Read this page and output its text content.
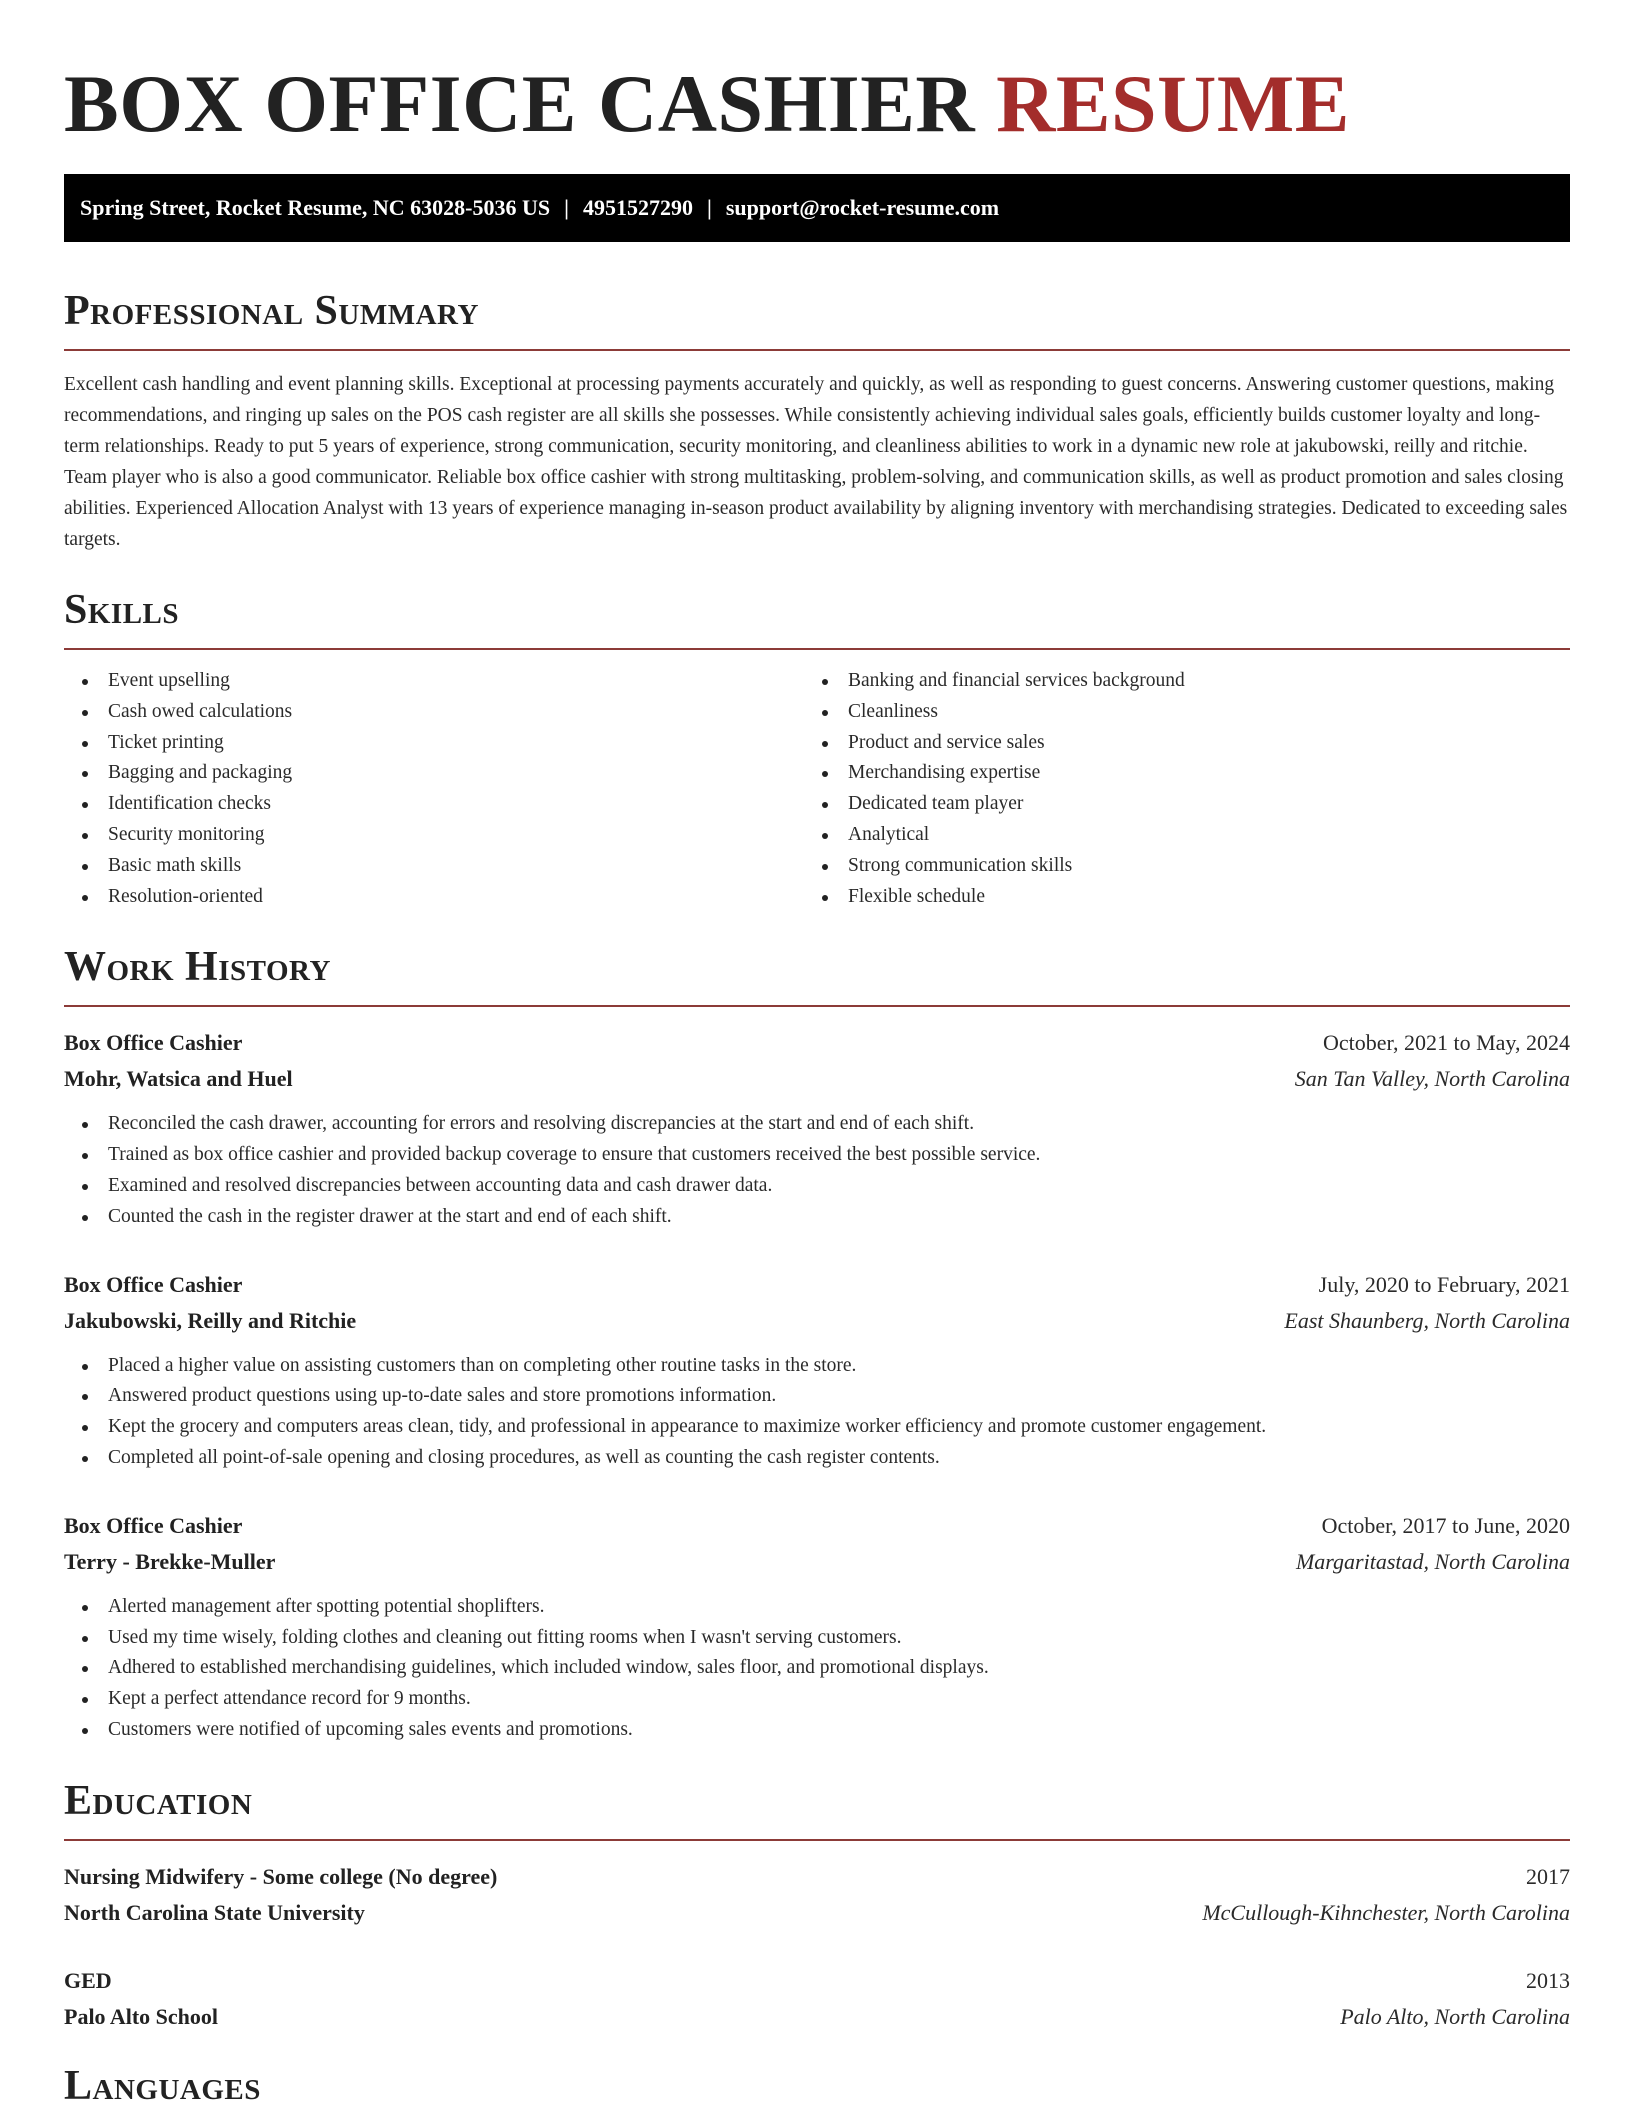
BOX OFFICE CASHIER RESUME
Spring Street, Rocket Resume, NC 63028-5036 US | 4951527290 | support@rocket-resume.com
Professional Summary
Excellent cash handling and event planning skills. Exceptional at processing payments accurately and quickly, as well as responding to guest concerns. Answering customer questions, making recommendations, and ringing up sales on the POS cash register are all skills she possesses. While consistently achieving individual sales goals, efficiently builds customer loyalty and long-term relationships. Ready to put 5 years of experience, strong communication, security monitoring, and cleanliness abilities to work in a dynamic new role at jakubowski, reilly and ritchie. Team player who is also a good communicator. Reliable box office cashier with strong multitasking, problem-solving, and communication skills, as well as product promotion and sales closing abilities. Experienced Allocation Analyst with 13 years of experience managing in-season product availability by aligning inventory with merchandising strategies. Dedicated to exceeding sales targets.
Skills
Event upselling
Cash owed calculations
Ticket printing
Bagging and packaging
Identification checks
Security monitoring
Basic math skills
Resolution-oriented
Banking and financial services background
Cleanliness
Product and service sales
Merchandising expertise
Dedicated team player
Analytical
Strong communication skills
Flexible schedule
Work History
Box Office Cashier	October, 2021 to May, 2024
Mohr, Watsica and Huel	San Tan Valley, North Carolina
Reconciled the cash drawer, accounting for errors and resolving discrepancies at the start and end of each shift.
Trained as box office cashier and provided backup coverage to ensure that customers received the best possible service.
Examined and resolved discrepancies between accounting data and cash drawer data.
Counted the cash in the register drawer at the start and end of each shift.
Box Office Cashier	July, 2020 to February, 2021
Jakubowski, Reilly and Ritchie	East Shaunberg, North Carolina
Placed a higher value on assisting customers than on completing other routine tasks in the store.
Answered product questions using up-to-date sales and store promotions information.
Kept the grocery and computers areas clean, tidy, and professional in appearance to maximize worker efficiency and promote customer engagement.
Completed all point-of-sale opening and closing procedures, as well as counting the cash register contents.
Box Office Cashier	October, 2017 to June, 2020
Terry - Brekke-Muller	Margaritastad, North Carolina
Alerted management after spotting potential shoplifters.
Used my time wisely, folding clothes and cleaning out fitting rooms when I wasn't serving customers.
Adhered to established merchandising guidelines, which included window, sales floor, and promotional displays.
Kept a perfect attendance record for 9 months.
Customers were notified of upcoming sales events and promotions.
Education
Nursing Midwifery - Some college (No degree)	2017
North Carolina State University	McCullough-Kihnchester, North Carolina
GED	2013
Palo Alto School	Palo Alto, North Carolina
Languages
